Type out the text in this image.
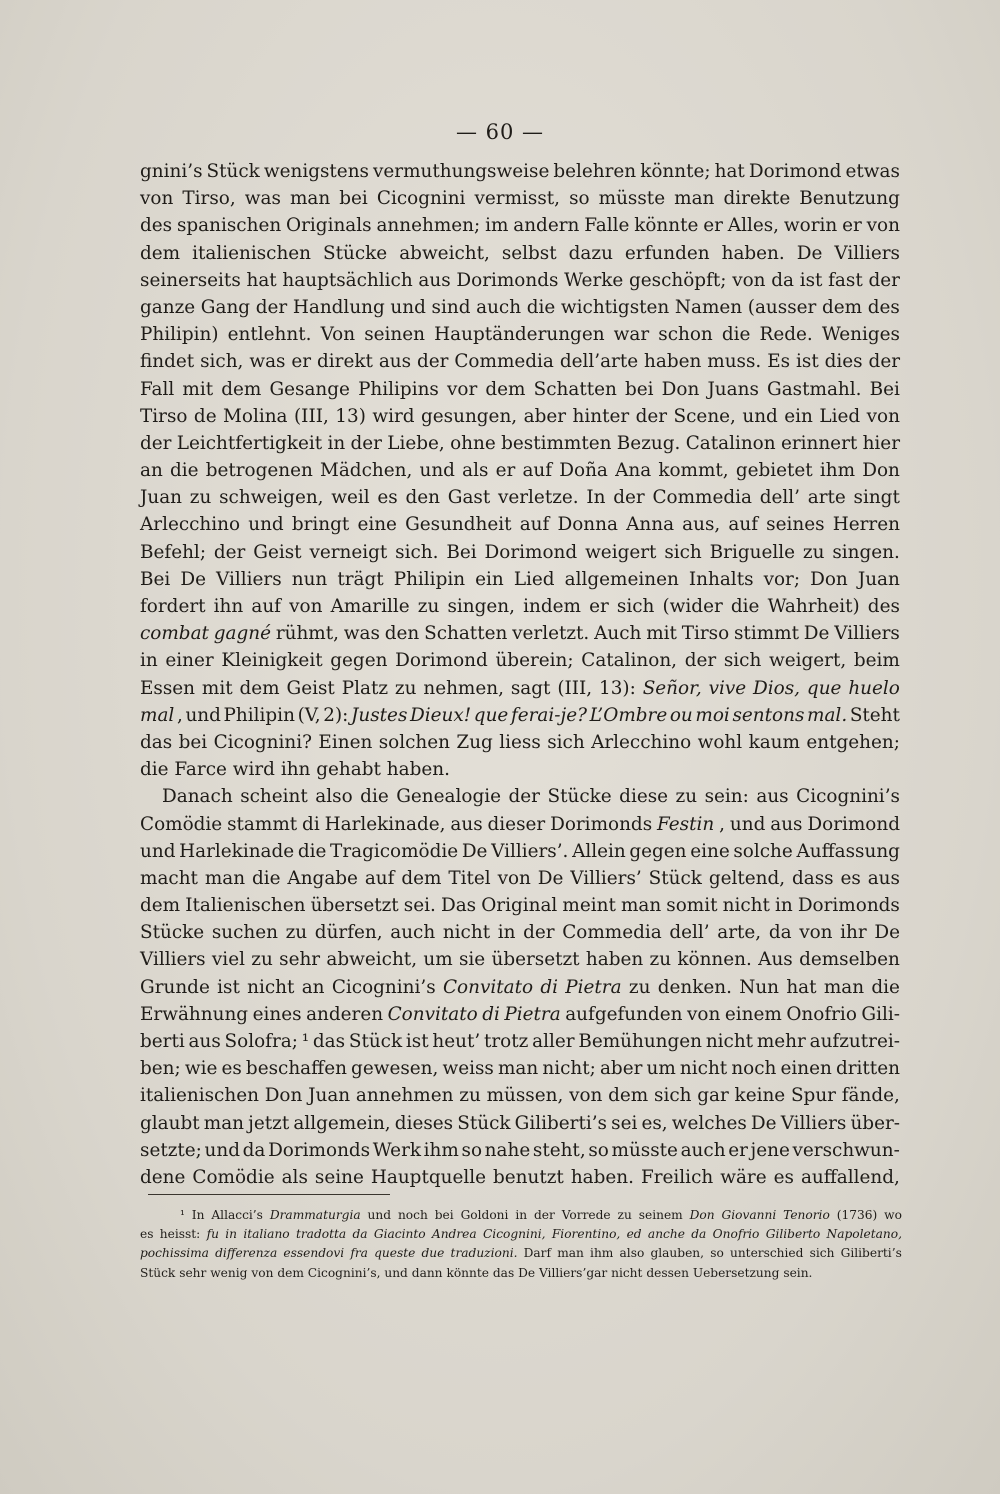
— 60 —
gnini’s Stück wenigstens vermuthungsweise belehren könnte; hat Dorimond etwas
von Tirso, was man bei Cicognini vermisst, so müsste man direkte Benutzung
des spanischen Originals annehmen; im andern Falle könnte er Alles, worin er von
dem italienischen Stücke abweicht, selbst dazu erfunden haben. De Villiers
seinerseits hat hauptsächlich aus Dorimonds Werke geschöpft; von da ist fast der
ganze Gang der Handlung und sind auch die wichtigsten Namen (ausser dem des
Philipin) entlehnt. Von seinen Hauptänderungen war schon die Rede. Weniges
findet sich, was er direkt aus der Commedia dell’arte haben muss. Es ist dies der
Fall mit dem Gesange Philipins vor dem Schatten bei Don Juans Gastmahl. Bei
Tirso de Molina (III, 13) wird gesungen, aber hinter der Scene, und ein Lied von
der Leichtfertigkeit in der Liebe, ohne bestimmten Bezug. Catalinon erinnert hier
an die betrogenen Mädchen, und als er auf Doña Ana kommt, gebietet ihm Don
Juan zu schweigen, weil es den Gast verletze. In der Commedia dell’ arte singt
Arlecchino und bringt eine Gesundheit auf Donna Anna aus, auf seines Herren
Befehl; der Geist verneigt sich. Bei Dorimond weigert sich Briguelle zu singen.
Bei De Villiers nun trägt Philipin ein Lied allgemeinen Inhalts vor; Don Juan
fordert ihn auf von Amarille zu singen, indem er sich (wider die Wahrheit) des
combat gagné rühmt, was den Schatten verletzt. Auch mit Tirso stimmt De Villiers
in einer Kleinigkeit gegen Dorimond überein; Catalinon, der sich weigert, beim
Essen mit dem Geist Platz zu nehmen, sagt (III, 13): Señor, vive Dios, que huelo
mal , und Philipin (V, 2): Justes Dieux! que ferai-je? L’Ombre ou moi sentons mal. Steht
das bei Cicognini? Einen solchen Zug liess sich Arlecchino wohl kaum entgehen;
die Farce wird ihn gehabt haben.
Danach scheint also die Genealogie der Stücke diese zu sein: aus Cicognini’s
Comödie stammt di Harlekinade, aus dieser Dorimonds Festin , und aus Dorimond
und Harlekinade die Tragicomödie De Villiers’. Allein gegen eine solche Auffassung
macht man die Angabe auf dem Titel von De Villiers’ Stück geltend, dass es aus
dem Italienischen übersetzt sei. Das Original meint man somit nicht in Dorimonds
Stücke suchen zu dürfen, auch nicht in der Commedia dell’ arte, da von ihr De
Villiers viel zu sehr abweicht, um sie übersetzt haben zu können. Aus demselben
Grunde ist nicht an Cicognini’s Convitato di Pietra zu denken. Nun hat man die
Erwähnung eines anderen Convitato di Pietra aufgefunden von einem Onofrio Gili-
berti aus Solofra; ¹ das Stück ist heut’ trotz aller Bemühungen nicht mehr aufzutrei-
ben; wie es beschaffen gewesen, weiss man nicht; aber um nicht noch einen dritten
italienischen Don Juan annehmen zu müssen, von dem sich gar keine Spur fände,
glaubt man jetzt allgemein, dieses Stück Giliberti’s sei es, welches De Villiers über-
setzte; und da Dorimonds Werk ihm so nahe steht, so müsste auch er jene verschwun-
dene Comödie als seine Hauptquelle benutzt haben. Freilich wäre es auffallend,
¹ In Allacci’s Drammaturgia und noch bei Goldoni in der Vorrede zu seinem Don Giovanni Tenorio (1736) wo
es heisst: fu in italiano tradotta da Giacinto Andrea Cicognini, Fiorentino, ed anche da Onofrio Giliberto Napoletano,
pochissima differenza essendovi fra queste due traduzioni. Darf man ihm also glauben, so unterschied sich Giliberti’s
Stück sehr wenig von dem Cicognini’s, und dann könnte das De Villiers’gar nicht dessen Uebersetzung sein.
